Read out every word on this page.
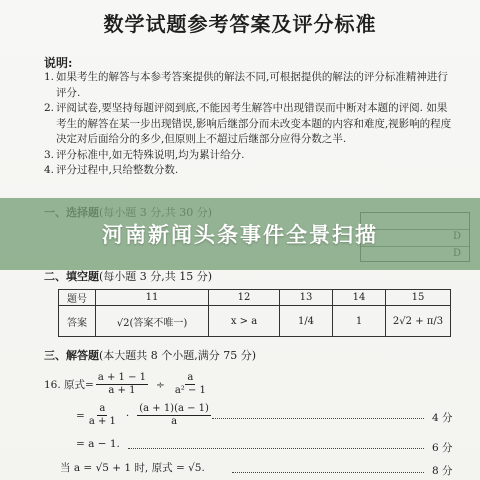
数学试题参考答案及评分标准
说明:
1. 如果考生的解答与本参考答案提供的解法不同,可根据提供的解法的评分标准精神进行评分.
2. 评阅试卷,要坚持每题评阅到底,不能因考生解答中出现错误而中断对本题的评阅. 如果考生的解答在某一步出现错误,影响后继部分而未改变本题的内容和难度,视影响的程度决定对后面给分的多少,但原则上不超过后继部分应得分数之半.
3. 评分标准中,如无特殊说明,均为累计给分.
4. 评分过程中,只给整数分数.
二、填空题(每小题 3 分,共 15 分)
题号	11	12	13	14	15
答案	√2(答案不唯一)	x > a	1/4	1	2√2 + π/3
三、解答题(本大题共 8 个小题,满分 75 分)
16. 原式= $\frac{a + 1 - 1}{a + 1} \div \frac{a}{\text{a² − 1}}$
= $\frac{a}{a + 1} \cdot \frac{(a + 1)(a - 1)}{a}$	4 分
= a − 1.	6 分
当 a = √5 + 1 时, 原式 = √5.	8 分
河南新闻头条事件全景扫描
